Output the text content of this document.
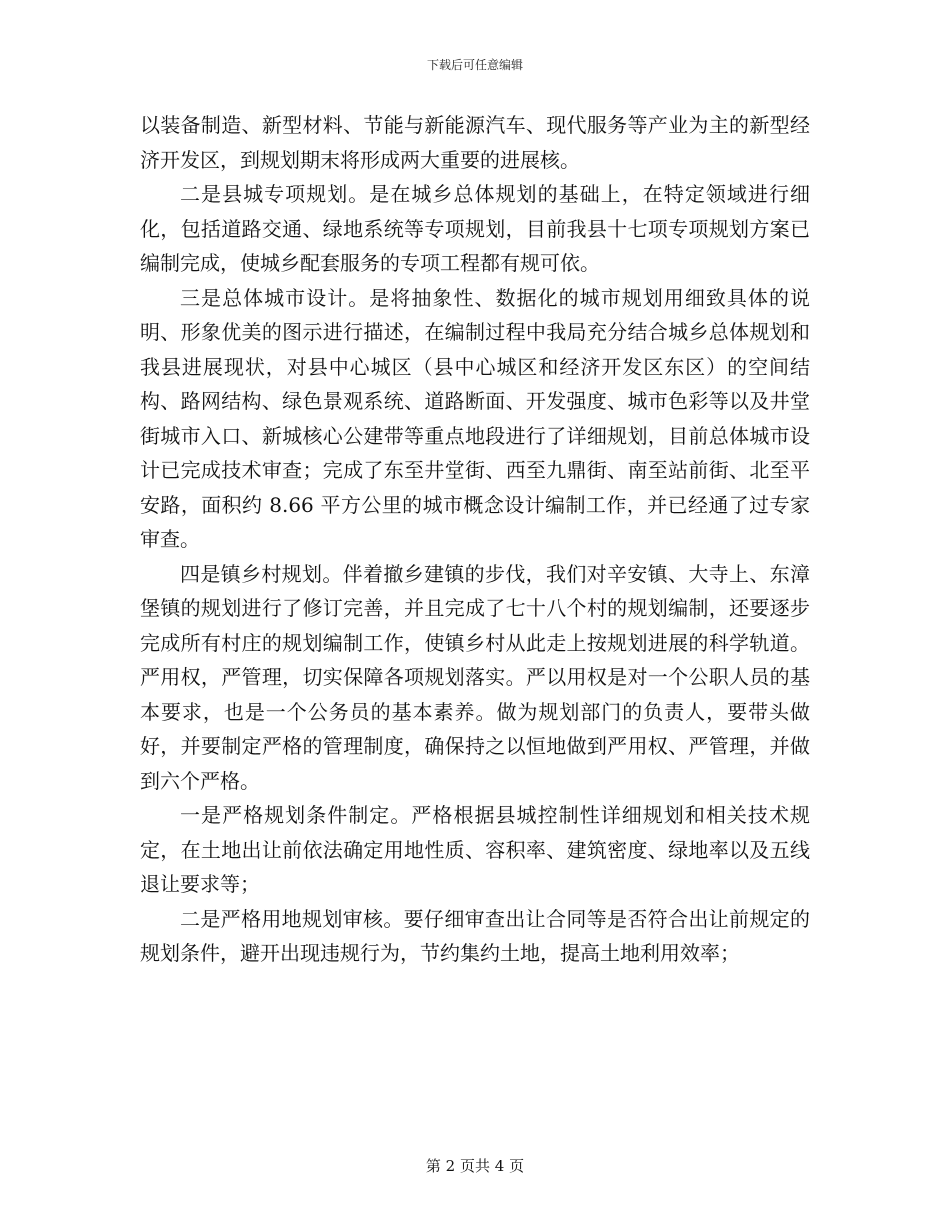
下载后可任意编辑

以装备制造、新型材料、节能与新能源汽车、现代服务等产业为主的新型经济开发区，到规划期末将形成两大重要的进展核。

二是县城专项规划。是在城乡总体规划的基础上，在特定领域进行细化，包括道路交通、绿地系统等专项规划，目前我县十七项专项规划方案已编制完成，使城乡配套服务的专项工程都有规可依。

三是总体城市设计。是将抽象性、数据化的城市规划用细致具体的说明、形象优美的图示进行描述，在编制过程中我局充分结合城乡总体规划和我县进展现状，对县中心城区（县中心城区和经济开发区东区）的空间结构、路网结构、绿色景观系统、道路断面、开发强度、城市色彩等以及井堂街城市入口、新城核心公建带等重点地段进行了详细规划，目前总体城市设计已完成技术审查；完成了东至井堂街、西至九鼎街、南至站前街、北至平安路，面积约 8.66 平方公里的城市概念设计编制工作，并已经通了过专家审查。

四是镇乡村规划。伴着撤乡建镇的步伐，我们对辛安镇、大寺上、东漳堡镇的规划进行了修订完善，并且完成了七十八个村的规划编制，还要逐步完成所有村庄的规划编制工作，使镇乡村从此走上按规划进展的科学轨道。严用权，严管理，切实保障各项规划落实。严以用权是对一个公职人员的基本要求，也是一个公务员的基本素养。做为规划部门的负责人，要带头做好，并要制定严格的管理制度，确保持之以恒地做到严用权、严管理，并做到六个严格。

一是严格规划条件制定。严格根据县城控制性详细规划和相关技术规定，在土地出让前依法确定用地性质、容积率、建筑密度、绿地率以及五线退让要求等；

二是严格用地规划审核。要仔细审查出让合同等是否符合出让前规定的规划条件，避开出现违规行为，节约集约土地，提高土地利用效率；

第 2 页共 4 页
